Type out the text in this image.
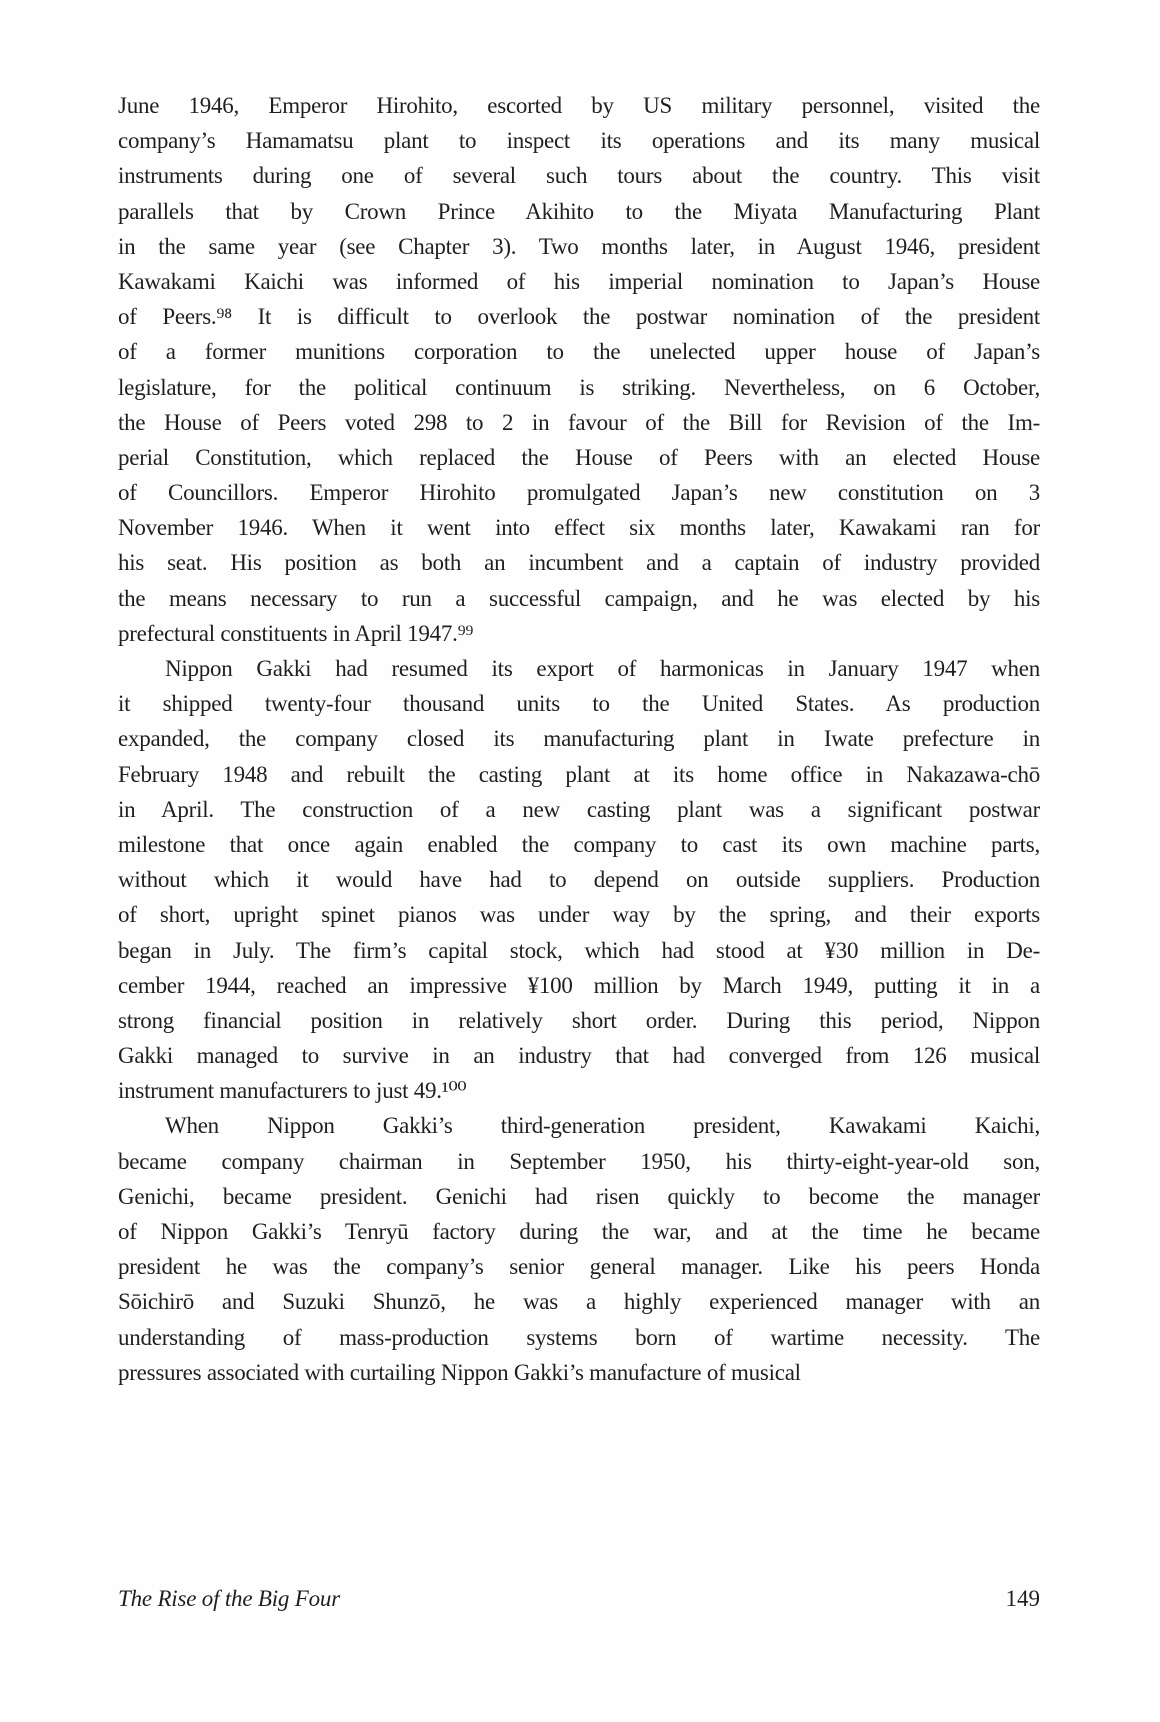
June 1946, Emperor Hirohito, escorted by US military personnel, visited the
company’s Hamamatsu plant to inspect its operations and its many musical
instruments during one of several such tours about the country. This visit
parallels that by Crown Prince Akihito to the Miyata Manufacturing Plant
in the same year (see Chapter 3). Two months later, in August 1946, president
Kawakami Kaichi was informed of his imperial nomination to Japan’s House
of Peers.⁹⁸ It is difficult to overlook the postwar nomination of the president
of a former munitions corporation to the unelected upper house of Japan’s
legislature, for the political continuum is striking. Nevertheless, on 6 October,
the House of Peers voted 298 to 2 in favour of the Bill for Revision of the Im-
perial Constitution, which replaced the House of Peers with an elected House
of Councillors. Emperor Hirohito promulgated Japan’s new constitution on 3
November 1946. When it went into effect six months later, Kawakami ran for
his seat. His position as both an incumbent and a captain of industry provided
the means necessary to run a successful campaign, and he was elected by his
prefectural constituents in April 1947.⁹⁹
Nippon Gakki had resumed its export of harmonicas in January 1947 when
it shipped twenty-four thousand units to the United States. As production
expanded, the company closed its manufacturing plant in Iwate prefecture in
February 1948 and rebuilt the casting plant at its home office in Nakazawa-chō
in April. The construction of a new casting plant was a significant postwar
milestone that once again enabled the company to cast its own machine parts,
without which it would have had to depend on outside suppliers. Production
of short, upright spinet pianos was under way by the spring, and their exports
began in July. The firm’s capital stock, which had stood at ¥30 million in De-
cember 1944, reached an impressive ¥100 million by March 1949, putting it in a
strong financial position in relatively short order. During this period, Nippon
Gakki managed to survive in an industry that had converged from 126 musical
instrument manufacturers to just 49.¹⁰⁰
When Nippon Gakki’s third-generation president, Kawakami Kaichi,
became company chairman in September 1950, his thirty-eight-year-old son,
Genichi, became president. Genichi had risen quickly to become the manager
of Nippon Gakki’s Tenryū factory during the war, and at the time he became
president he was the company’s senior general manager. Like his peers Honda
Sōichirō and Suzuki Shunzō, he was a highly experienced manager with an
understanding of mass-production systems born of wartime necessity. The
pressures associated with curtailing Nippon Gakki’s manufacture of musical
The Rise of the Big Four	149
